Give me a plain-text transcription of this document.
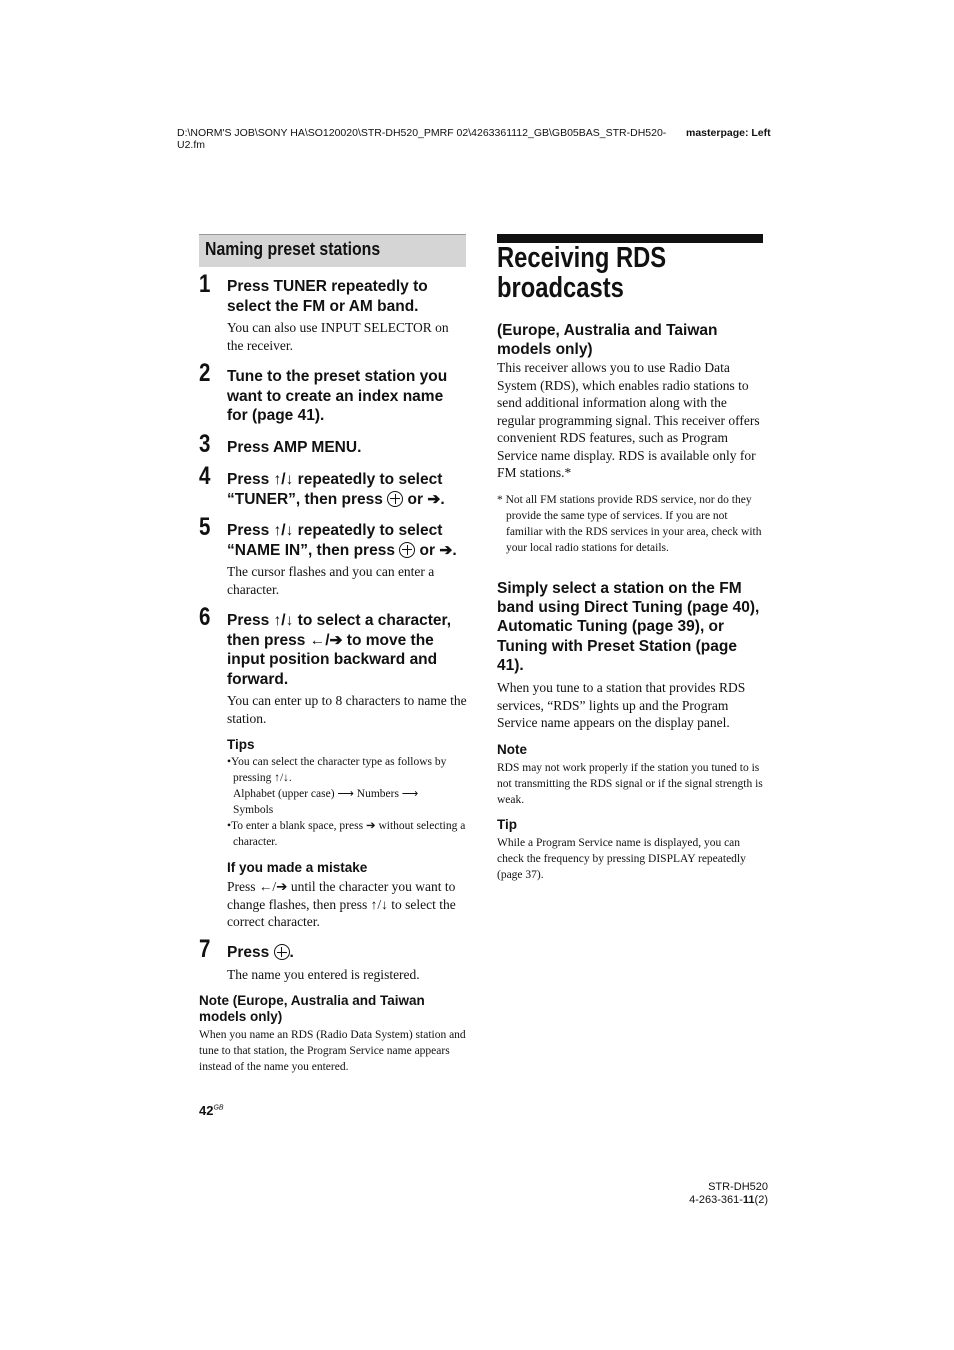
D:\NORM'S JOB\SONY HA\SO120020\STR-DH520_PMRF 02\4263361112_GB\GB05BAS_STR-DH520-U2.fm
masterpage: Left
Naming preset stations
1 Press TUNER repeatedly to select the FM or AM band.
You can also use INPUT SELECTOR on the receiver.
2 Tune to the preset station you want to create an index name for (page 41).
3 Press AMP MENU.
4 Press ↑/↓ repeatedly to select “TUNER”, then press  or ➔.
5 Press ↑/↓ repeatedly to select “NAME IN”, then press  or ➔.
The cursor flashes and you can enter a character.
6 Press ↑/↓ to select a character, then press ←/➔ to move the input position backward and forward.
You can enter up to 8 characters to name the station.
Tips
•You can select the character type as follows by pressing ↑/↓.
Alphabet (upper case) ⟶ Numbers ⟶ Symbols
•To enter a blank space, press ➔ without selecting a character.
If you made a mistake
Press ←/➔ until the character you want to change flashes, then press ↑/↓ to select the correct character.
7 Press .
The name you entered is registered.
Note (Europe, Australia and Taiwan models only)
When you name an RDS (Radio Data System) station and tune to that station, the Program Service name appears instead of the name you entered.
Receiving RDS
broadcasts
(Europe, Australia and Taiwan models only)
This receiver allows you to use Radio Data System (RDS), which enables radio stations to send additional information along with the regular programming signal. This receiver offers convenient RDS features, such as Program Service name display. RDS is available only for FM stations.*
* Not all FM stations provide RDS service, nor do they provide the same type of services. If you are not familiar with the RDS services in your area, check with your local radio stations for details.
Simply select a station on the FM band using Direct Tuning (page 40), Automatic Tuning (page 39), or Tuning with Preset Station (page 41).
When you tune to a station that provides RDS services, “RDS” lights up and the Program Service name appears on the display panel.
Note
RDS may not work properly if the station you tuned to is not transmitting the RDS signal or if the signal strength is weak.
Tip
While a Program Service name is displayed, you can check the frequency by pressing DISPLAY repeatedly (page 37).
$42^{GB}$
STR-DH520
4-263-361-11(2)
